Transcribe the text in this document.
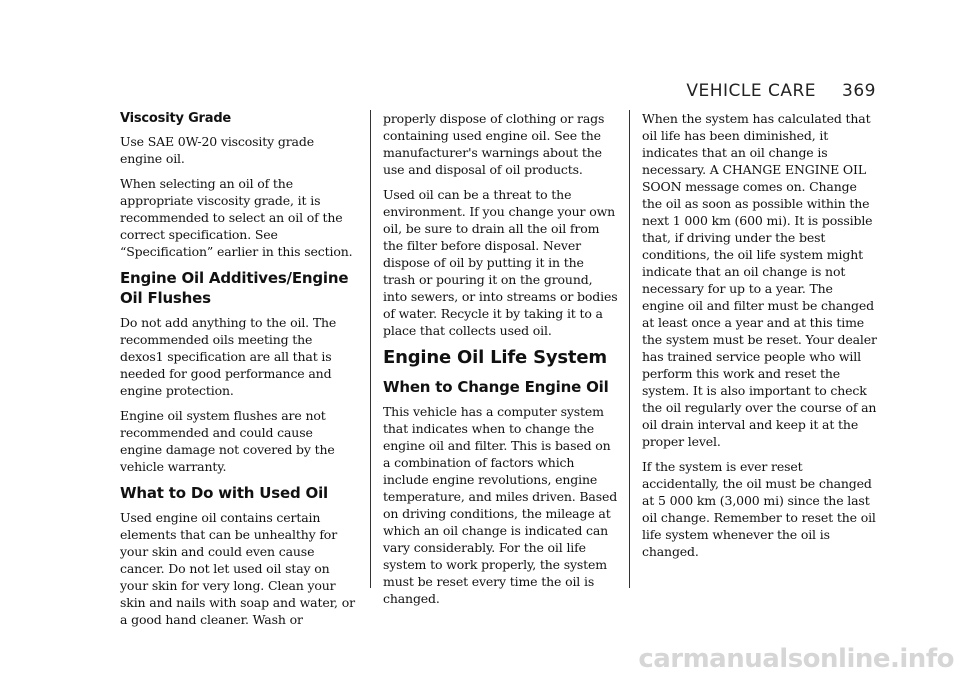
VEHICLE CARE 369
Viscosity Grade

Use SAE 0W-20 viscosity grade engine oil.

When selecting an oil of the appropriate viscosity grade, it is recommended to select an oil of the correct specification. See “Specification” earlier in this section.

Engine Oil Additives/Engine Oil Flushes

Do not add anything to the oil. The recommended oils meeting the dexos1 specification are all that is needed for good performance and engine protection.

Engine oil system flushes are not recommended and could cause engine damage not covered by the vehicle warranty.

What to Do with Used Oil

Used engine oil contains certain elements that can be unhealthy for your skin and could even cause cancer. Do not let used oil stay on your skin for very long. Clean your skin and nails with soap and water, or a good hand cleaner. Wash or

properly dispose of clothing or rags containing used engine oil. See the manufacturer's warnings about the use and disposal of oil products.

Used oil can be a threat to the environment. If you change your own oil, be sure to drain all the oil from the filter before disposal. Never dispose of oil by putting it in the trash or pouring it on the ground, into sewers, or into streams or bodies of water. Recycle it by taking it to a place that collects used oil.

Engine Oil Life System
When to Change Engine Oil

This vehicle has a computer system that indicates when to change the engine oil and filter. This is based on a combination of factors which include engine revolutions, engine temperature, and miles driven. Based on driving conditions, the mileage at which an oil change is indicated can vary considerably. For the oil life system to work properly, the system must be reset every time the oil is changed.

When the system has calculated that oil life has been diminished, it indicates that an oil change is necessary. A CHANGE ENGINE OIL SOON message comes on. Change the oil as soon as possible within the next 1 000 km (600 mi). It is possible that, if driving under the best conditions, the oil life system might indicate that an oil change is not necessary for up to a year. The engine oil and filter must be changed at least once a year and at this time the system must be reset. Your dealer has trained service people who will perform this work and reset the system. It is also important to check the oil regularly over the course of an oil drain interval and keep it at the proper level.

If the system is ever reset accidentally, the oil must be changed at 5 000 km (3,000 mi) since the last oil change. Remember to reset the oil life system whenever the oil is changed.

carmanualsonline.info
